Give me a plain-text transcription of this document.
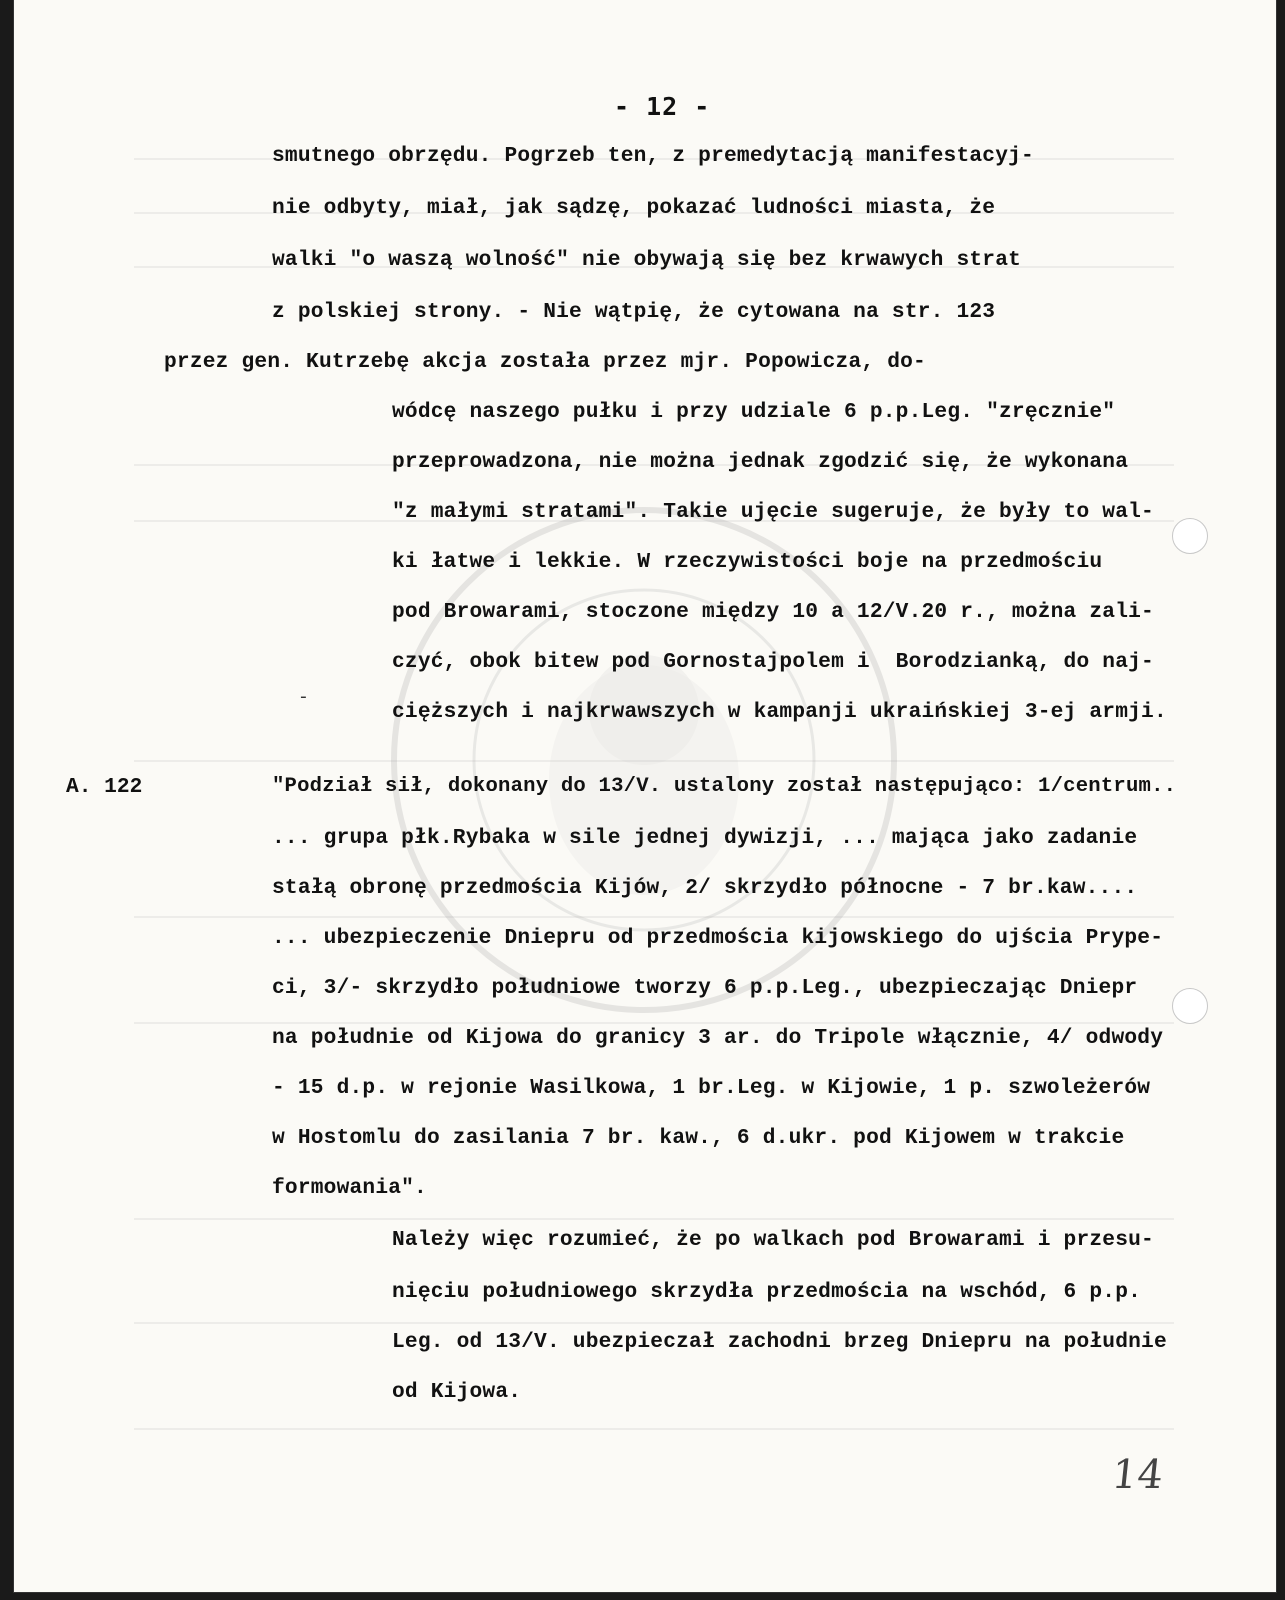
- 12 -
smutnego obrzędu. Pogrzeb ten, z premedytacją manifestacyj-
nie odbyty, miał, jak sądzę, pokazać ludności miasta, że
walki "o waszą wolność" nie obywają się bez krwawych strat
z polskiej strony. - Nie wątpię, że cytowana na str. 123
przez gen. Kutrzebę akcja została przez mjr. Popowicza, do-
wódcę naszego pułku i przy udziale 6 p.p.Leg. "zręcznie"
przeprowadzona, nie można jednak zgodzić się, że wykonana
"z małymi stratami". Takie ujęcie sugeruje, że były to wal-
ki łatwe i lekkie. W rzeczywistości boje na przedmościu
pod Browarami, stoczone między 10 a 12/V.20 r., można zali-
czyć, obok bitew pod Gornostajpolem i  Borodzianką, do naj-
cięższych i najkrwawszych w kampanji ukraińskiej 3-ej armji.
-
A. 122	"Podział sił, dokonany do 13/V. ustalony został następująco: 1/centrum..
... grupa płk.Rybaka w sile jednej dywizji, ... mająca jako zadanie
stałą obronę przedmościa Kijów, 2/ skrzydło północne - 7 br.kaw....
... ubezpieczenie Dniepru od przedmościa kijowskiego do ujścia Prype-
ci, 3/- skrzydło południowe tworzy 6 p.p.Leg., ubezpieczając Dniepr
na południe od Kijowa do granicy 3 ar. do Tripole włącznie, 4/ odwody
- 15 d.p. w rejonie Wasilkowa, 1 br.Leg. w Kijowie, 1 p. szwoleżerów
w Hostomlu do zasilania 7 br. kaw., 6 d.ukr. pod Kijowem w trakcie
formowania".
Należy więc rozumieć, że po walkach pod Browarami i przesu-
nięciu południowego skrzydła przedmościa na wschód, 6 p.p.
Leg. od 13/V. ubezpieczał zachodni brzeg Dniepru na południe
od Kijowa.
14
